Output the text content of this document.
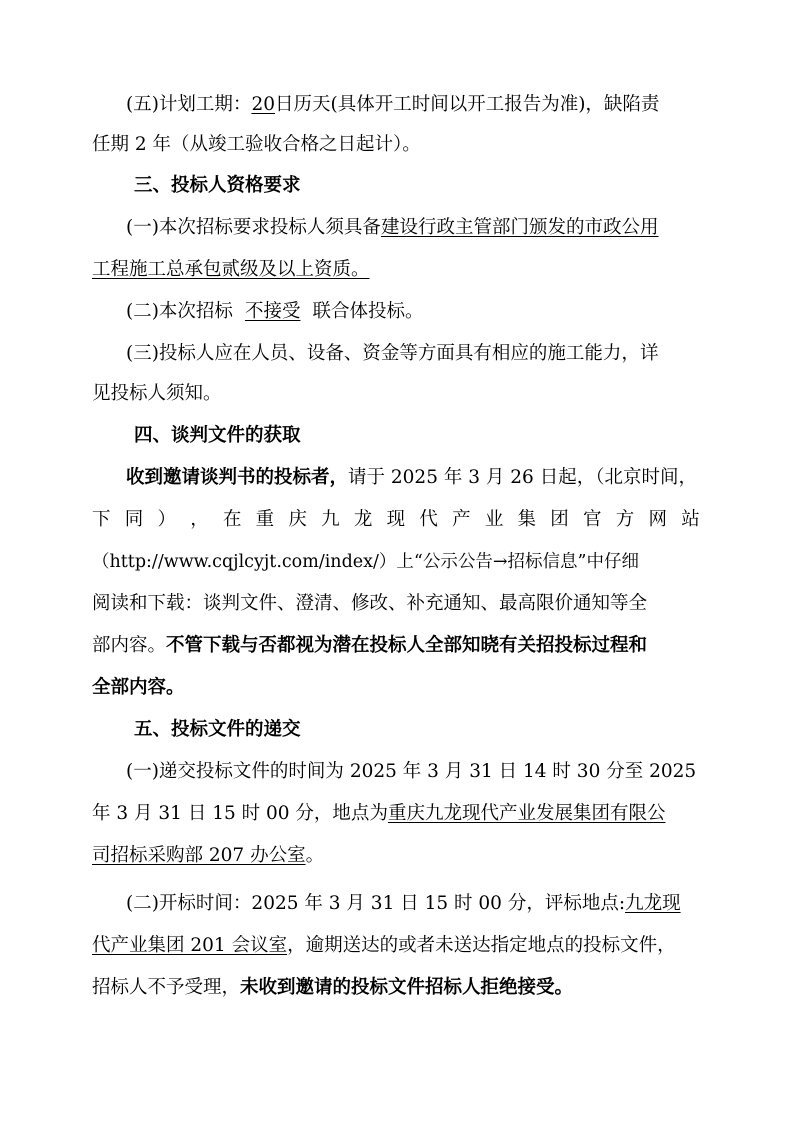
(五)计划工期：20日历天(具体开工时间以开工报告为准)，缺陷责
任期 2 年（从竣工验收合格之日起计）。
三、投标人资格要求
(一)本次招标要求投标人须具备建设行政主管部门颁发的市政公用
工程施工总承包贰级及以上资质。
(二)本次招标 不接受 联合体投标。
(三)投标人应在人员、设备、资金等方面具有相应的施工能力，详
见投标人须知。
四、谈判文件的获取
收到邀请谈判书的投标者，请于 2025 年 3 月 26 日起，（北京时间，
下 同 ） ， 在 重 庆 九 龙 现 代 产 业 集 团 官 方 网 站
（http://www.cqjlcyjt.com/index/）上“公示公告→招标信息”中仔细
阅读和下载：谈判文件、澄清、修改、补充通知、最高限价通知等全
部内容。不管下载与否都视为潜在投标人全部知晓有关招投标过程和
全部内容。
五、投标文件的递交
(一)递交投标文件的时间为 2025 年 3 月 31 日 14 时 30 分至 2025
年 3 月 31 日 15 时 00 分，地点为重庆九龙现代产业发展集团有限公
司招标采购部 207 办公室。
(二)开标时间：2025 年 3 月 31 日 15 时 00 分，评标地点:九龙现
代产业集团 201 会议室，逾期送达的或者未送达指定地点的投标文件，
招标人不予受理，未收到邀请的投标文件招标人拒绝接受。
